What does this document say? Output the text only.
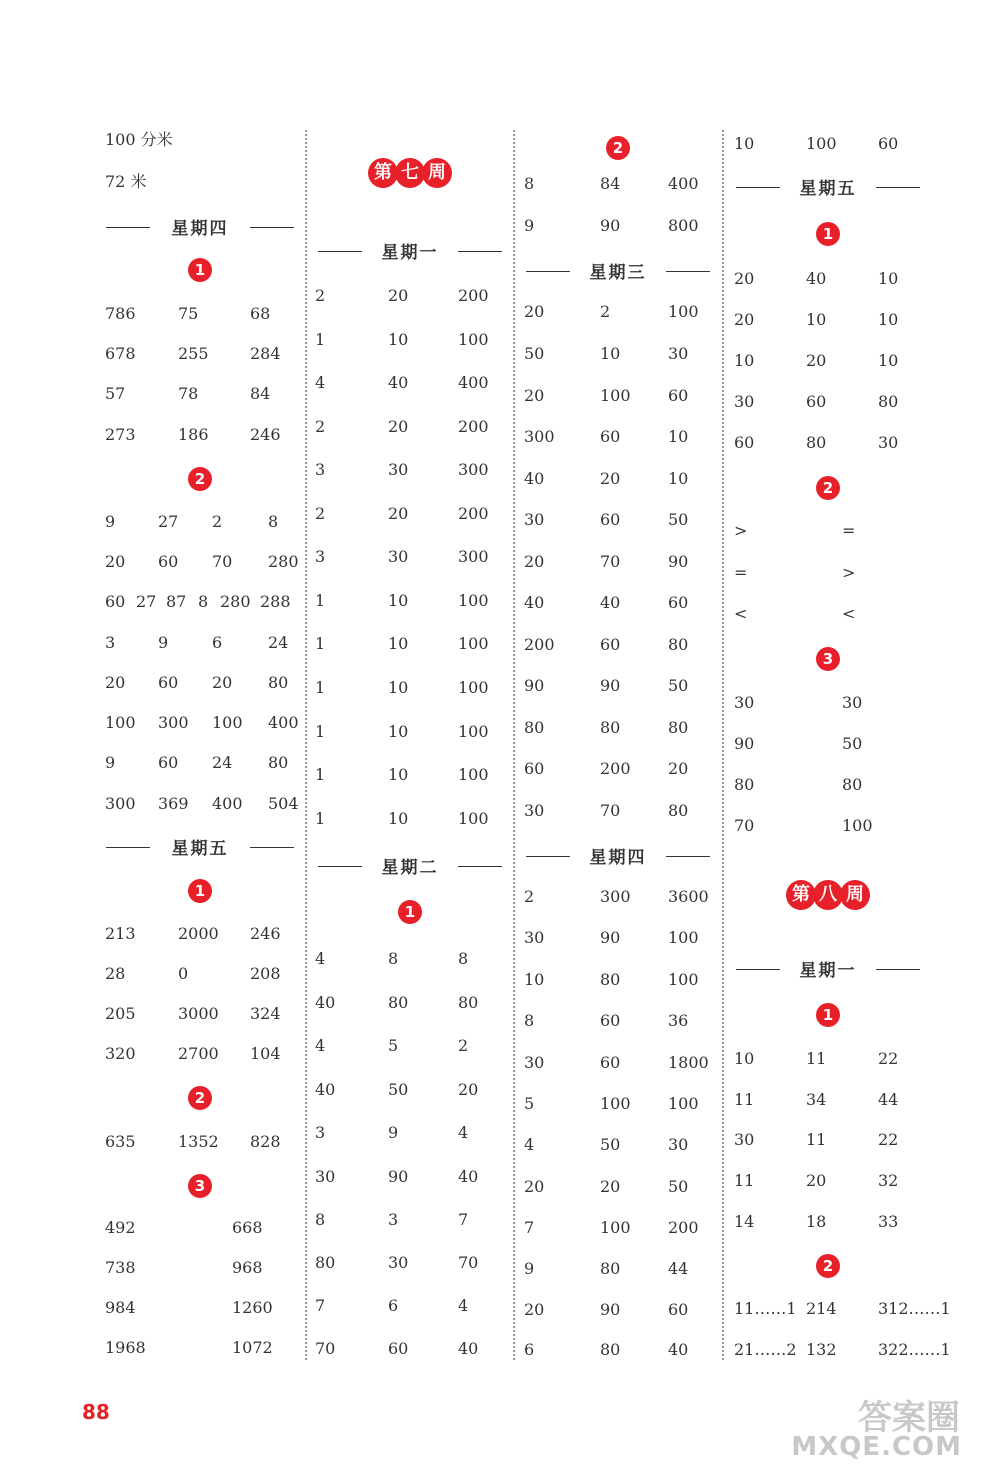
100 分米
72 米
星期四
1
786	75	68
678	255	284
57	78	84
273	186	246
2
9	27 2	8
20 60 70 280
60 27 87 8 280 288
3	9	6	24
20 60 20 80
100 300 100 400
9	60 24 80
300 369 400 504
星期五
1
213	2000 246
28	0	208
205	3000 324
320	2700 104
2
635	1352 828
3
492	668
738	968
984	1260
1968	1072
第 七 周
星期一
2	20	200
1	10	100
4	40	400
2	20	200
3	30	300
2	20	200
3	30	300
1	10	100
1	10	100
1	10	100
1	10	100
1	10	100
1	10	100
星期二
1
4	8	8
40	80	80
4	5	2
40	50	20
3	9	4
30	90	40
8	3	7
80	30	70
7	6	4
70	60	40
2
8	84	400
9	90	800
星期三
20	2	100
50	10	30
20	100 60
300	60	10
40	20	10
30	60	50
20	70	90
40	40	60
200	60	80
90	90	50
80	80	80
60	200 20
30	70	80
星期四
2	300 3600
30	90	100
10	80	100
8	60	36
30	60	1800
5	100 100
4	50	30
20	20	50
7	100 200
9	80	44
20	90	60
6	80	40
10	100	60
星期五
1
20	40	10
20	10	10
10	20	10
30	60	80
60	80	30
2
>	=
=	>
<	<
3
30	30
90	50
80	80
70	100
第 八 周
星期一
1
10	11	22
11	34	44
30	11	22
11	20	32
14	18	33
2
11……1 214	312……1
21……2 132	322……1
88	答案圈
MXQE.COM
